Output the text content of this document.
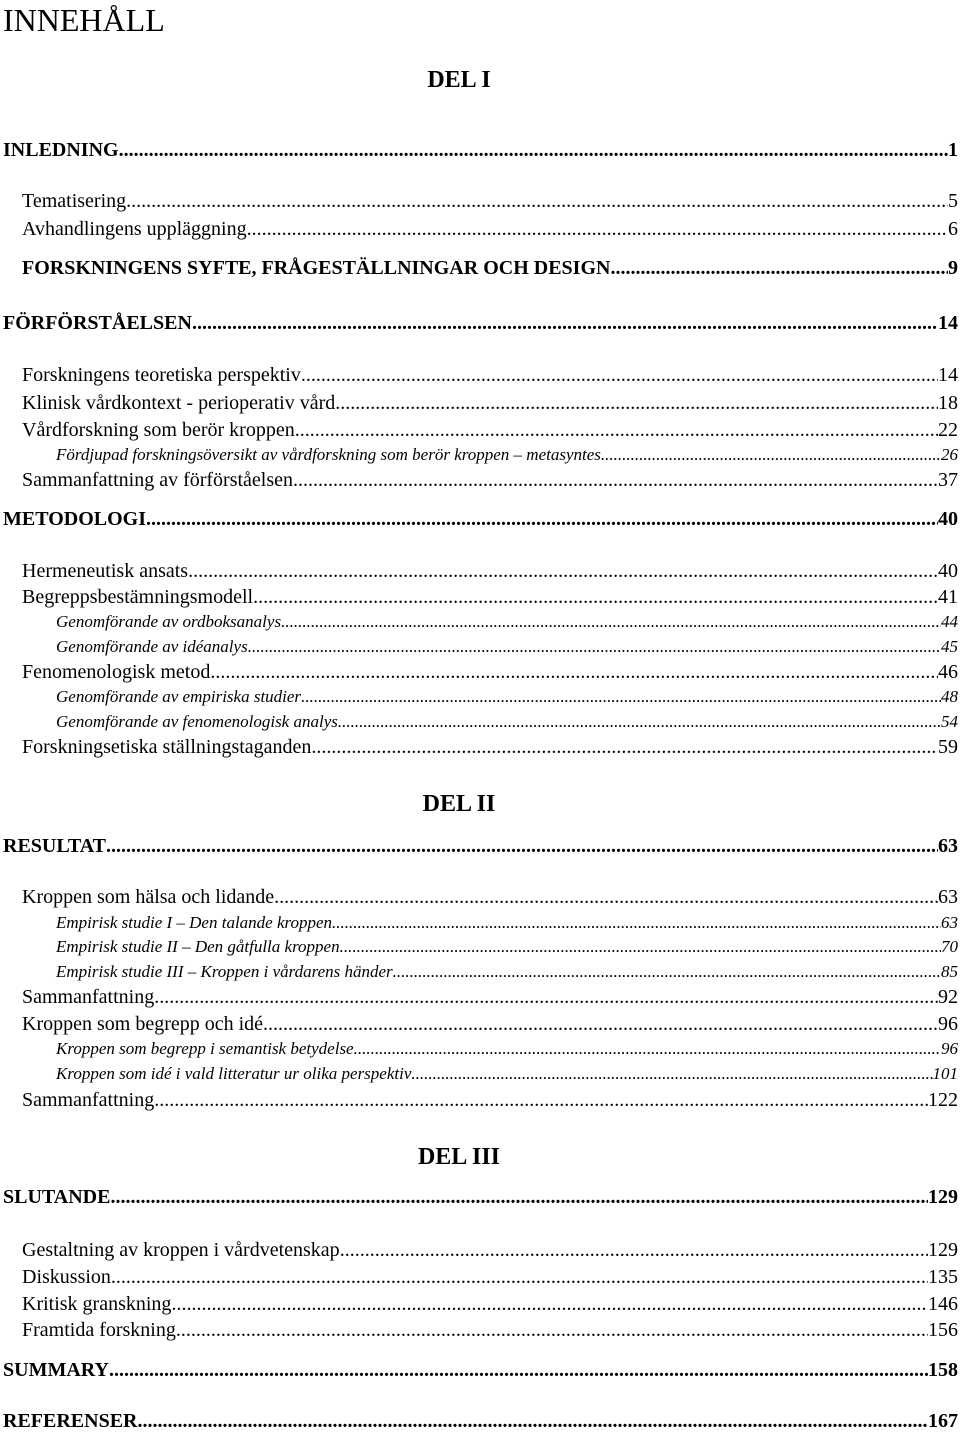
INNEHÅLL
DEL I
INLEDNING .....	1
Tematisering .....	5
Avhandlingens uppläggning .....	6
FORSKNINGENS SYFTE, FRÅGESTÄLLNINGAR OCH DESIGN .....	9
FÖRFÖRSTÅELSEN .....	14
Forskningens teoretiska perspektiv .....	14
Klinisk vårdkontext - perioperativ vård .....	18
Vårdforskning som berör kroppen .....	22
Fördjupad forskningsöversikt av vårdforskning som berör kroppen – metasyntes .....	26
Sammanfattning av förförståelsen .....	37
METODOLOGI .....	40
Hermeneutisk ansats .....	40
Begreppsbestämningsmodell .....	41
Genomförande av ordboksanalys .....	44
Genomförande av idéanalys .....	45
Fenomenologisk metod .....	46
Genomförande av empiriska studier .....	48
Genomförande av fenomenologisk analys .....	54
Forskningsetiska ställningstaganden .....	59
DEL II
RESULTAT .....	63
Kroppen som hälsa och lidande .....	63
Empirisk studie I – Den talande kroppen .....	63
Empirisk studie II – Den gåtfulla kroppen .....	70
Empirisk studie III – Kroppen i vårdarens händer .....	85
Sammanfattning .....	92
Kroppen som begrepp och idé .....	96
Kroppen som begrepp i semantisk betydelse .....	96
Kroppen som idé i vald litteratur ur olika perspektiv .....	101
Sammanfattning .....	122
DEL III
SLUTANDE .....	129
Gestaltning av kroppen i vårdvetenskap .....	129
Diskussion .....	135
Kritisk granskning .....	146
Framtida forskning .....	156
SUMMARY .....	158
REFERENSER .....	167
